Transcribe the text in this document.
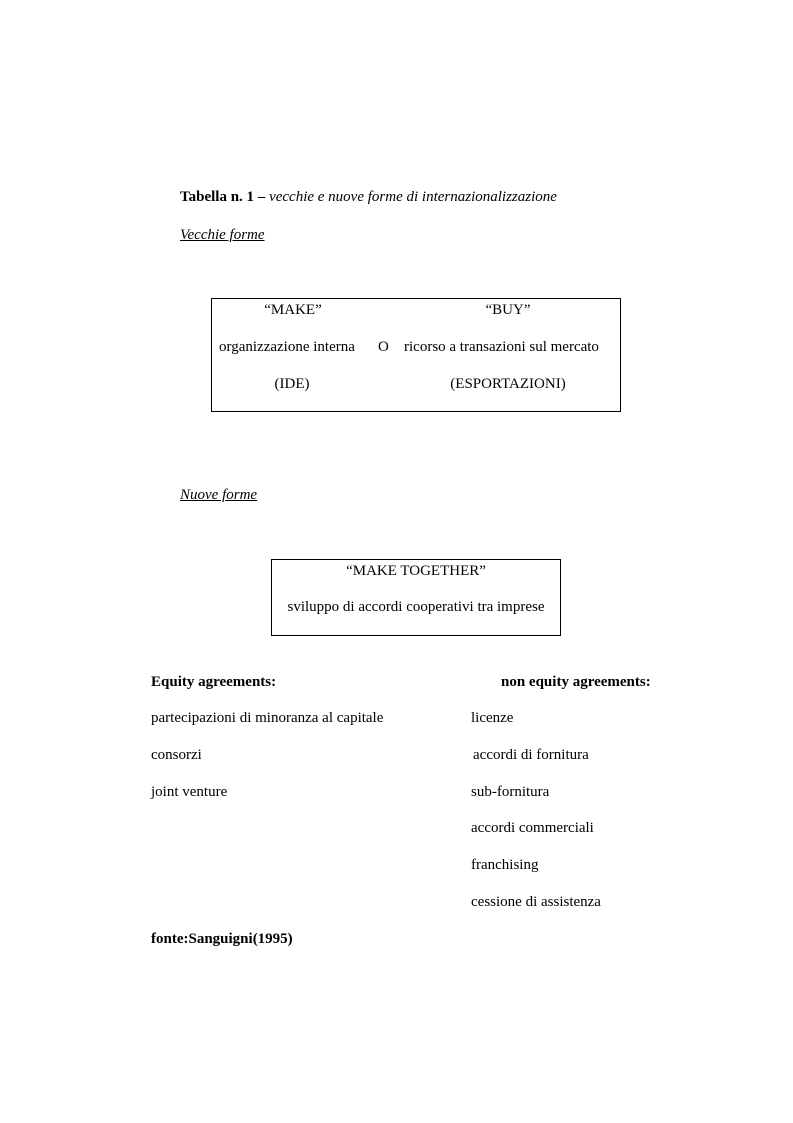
Tabella n. 1 – vecchie e nuove forme di internazionalizzazione
Vecchie forme
“MAKE”	“BUY”
organizzazione interna O ricorso a transazioni sul mercato
(IDE)	(ESPORTAZIONI)
Nuove forme
“MAKE TOGETHER”
sviluppo di accordi cooperativi tra imprese
Equity agreements:
partecipazioni di minoranza al capitale
consorzi
joint venture
non equity agreements:
licenze
accordi di fornitura
sub-fornitura
accordi commerciali
franchising
cessione di assistenza
fonte:Sanguigni(1995)
